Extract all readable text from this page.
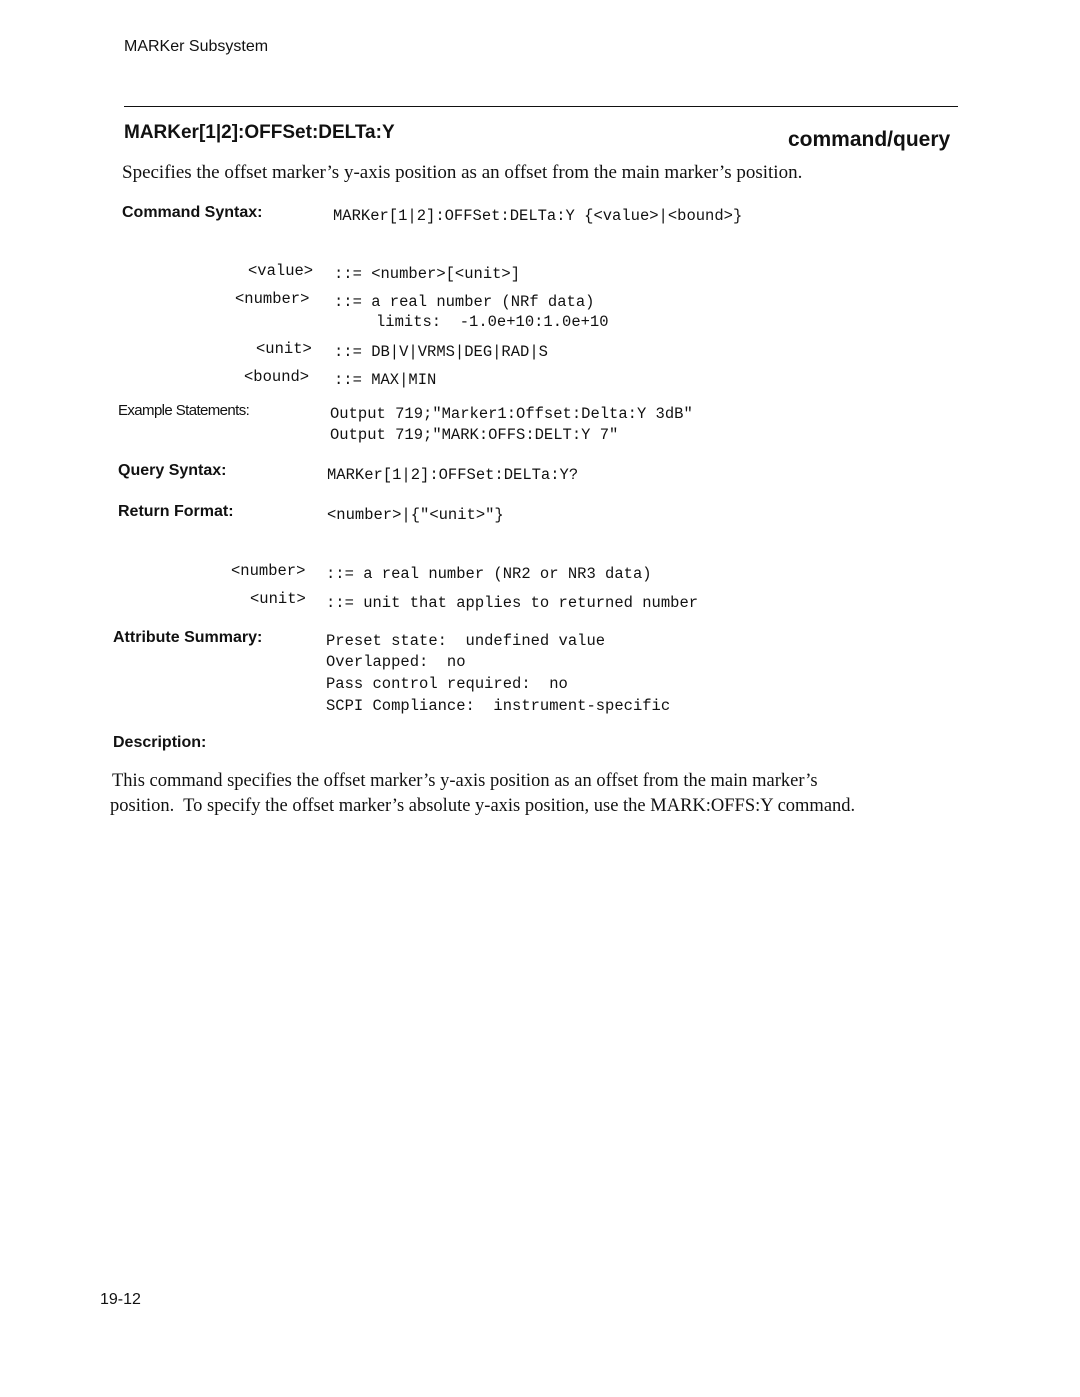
MARKer Subsystem
MARKer[1|2]:OFFSet:DELTa:Y	command/query
Specifies the offset marker’s y-axis position as an offset from the main marker’s position.
Command Syntax:	MARKer[1|2]:OFFSet:DELTa:Y {<value>|<bound>}
<value> ::= <number>[<unit>]
<number> ::= a real number (NRf data)
limits:  -1.0e+10:1.0e+10
<unit> ::= DB|V|VRMS|DEG|RAD|S
<bound> ::= MAX|MIN
Example Statements:	Output 719;"Marker1:Offset:Delta:Y 3dB"
Output 719;"MARK:OFFS:DELT:Y 7"
Query Syntax:	MARKer[1|2]:OFFSet:DELTa:Y?
Return Format:	<number>|{"<unit>"}
<number> ::= a real number (NR2 or NR3 data)
<unit> ::= unit that applies to returned number
Attribute Summary:	Preset state:  undefined value
Overlapped:  no
Pass control required:  no
SCPI Compliance:  instrument-specific
Description:
This command specifies the offset marker’s y-axis position as an offset from the main marker’s
position.  To specify the offset marker’s absolute y-axis position, use the MARK:OFFS:Y command.
19-12
